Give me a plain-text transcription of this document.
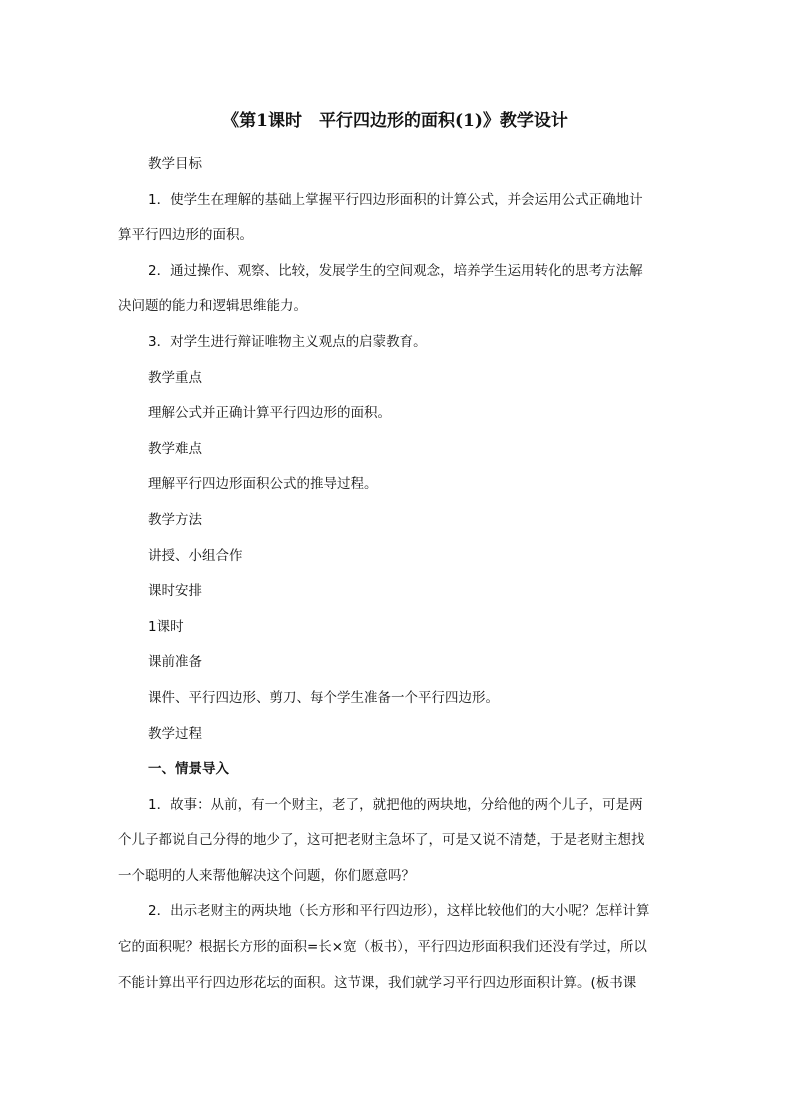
《第1课时　平行四边形的面积(1)》教学设计
教学目标
1．使学生在理解的基础上掌握平行四边形面积的计算公式，并会运用公式正确地计
算平行四边形的面积。
2．通过操作、观察、比较，发展学生的空间观念，培养学生运用转化的思考方法解
决问题的能力和逻辑思维能力。
3．对学生进行辩证唯物主义观点的启蒙教育。
教学重点
理解公式并正确计算平行四边形的面积。
教学难点
理解平行四边形面积公式的推导过程。
教学方法
讲授、小组合作
课时安排
1课时
课前准备
课件、平行四边形、剪刀、每个学生准备一个平行四边形。
教学过程
一、情景导入
1．故事：从前，有一个财主，老了，就把他的两块地，分给他的两个儿子，可是两
个儿子都说自己分得的地少了，这可把老财主急坏了，可是又说不清楚，于是老财主想找
一个聪明的人来帮他解决这个问题，你们愿意吗？
2．出示老财主的两块地（长方形和平行四边形），这样比较他们的大小呢？怎样计算
它的面积呢？根据长方形的面积=长×宽（板书），平行四边形面积我们还没有学过，所以
不能计算出平行四边形花坛的面积。这节课，我们就学习平行四边形面积计算。(板书课
